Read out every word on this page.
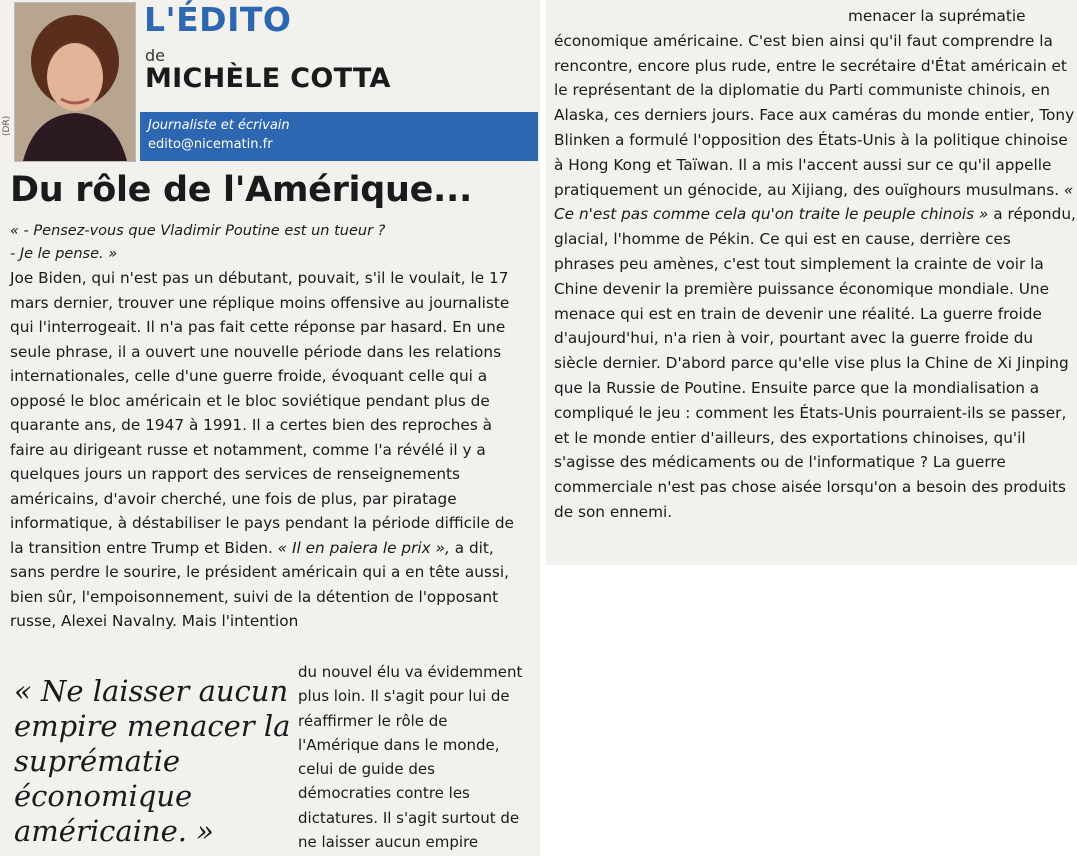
(DR)
L'ÉDITO
de
MICHÈLE COTTA
Journaliste et écrivain
edito@nicematin.fr
Du rôle de l'Amérique...
« - Pensez-vous que Vladimir Poutine est un tueur ?
- Je le pense. »

Joe Biden, qui n'est pas un débutant, pouvait, s'il le voulait, le 17 mars dernier, trouver une réplique moins offensive au journaliste qui l'interrogeait. Il n'a pas fait cette réponse par hasard. En une seule phrase, il a ouvert une nouvelle période dans les relations internationales, celle d'une guerre froide, évoquant celle qui a opposé le bloc américain et le bloc soviétique pendant plus de quarante ans, de 1947 à 1991. Il a certes bien des reproches à faire au dirigeant russe et notamment, comme l'a révélé il y a quelques jours un rapport des services de renseignements américains, d'avoir cherché, une fois de plus, par piratage informatique, à déstabiliser le pays pendant la période difficile de la transition entre Trump et Biden. « Il en paiera le prix », a dit, sans perdre le sourire, le président américain qui a en tête aussi, bien sûr, l'empoisonnement, suivi de la détention de l'opposant russe, Alexei Navalny. Mais l'intention

« Ne laisser aucun empire menacer la suprématie économique américaine. »

du nouvel élu va évidemment plus loin. Il s'agit pour lui de réaffirmer le rôle de l'Amérique dans le monde, celui de guide des démocraties contre les dictatures. Il s'agit surtout de ne laisser aucun empire

menacer la suprématie économique américaine. C'est bien ainsi qu'il faut comprendre la rencontre, encore plus rude, entre le secrétaire d'État américain et le représentant de la diplomatie du Parti communiste chinois, en Alaska, ces derniers jours. Face aux caméras du monde entier, Tony Blinken a formulé l'opposition des États-Unis à la politique chinoise à Hong Kong et Taïwan. Il a mis l'accent aussi sur ce qu'il appelle pratiquement un génocide, au Xijiang, des ouïghours musulmans. « Ce n'est pas comme cela qu'on traite le peuple chinois » a répondu, glacial, l'homme de Pékin. Ce qui est en cause, derrière ces phrases peu amènes, c'est tout simplement la crainte de voir la Chine devenir la première puissance économique mondiale. Une menace qui est en train de devenir une réalité. La guerre froide d'aujourd'hui, n'a rien à voir, pourtant avec la guerre froide du siècle dernier. D'abord parce qu'elle vise plus la Chine de Xi Jinping que la Russie de Poutine. Ensuite parce que la mondialisation a compliqué le jeu : comment les États-Unis pourraient-ils se passer, et le monde entier d'ailleurs, des exportations chinoises, qu'il s'agisse des médicaments ou de l'informatique ? La guerre commerciale n'est pas chose aisée lorsqu'on a besoin des produits de son ennemi.
